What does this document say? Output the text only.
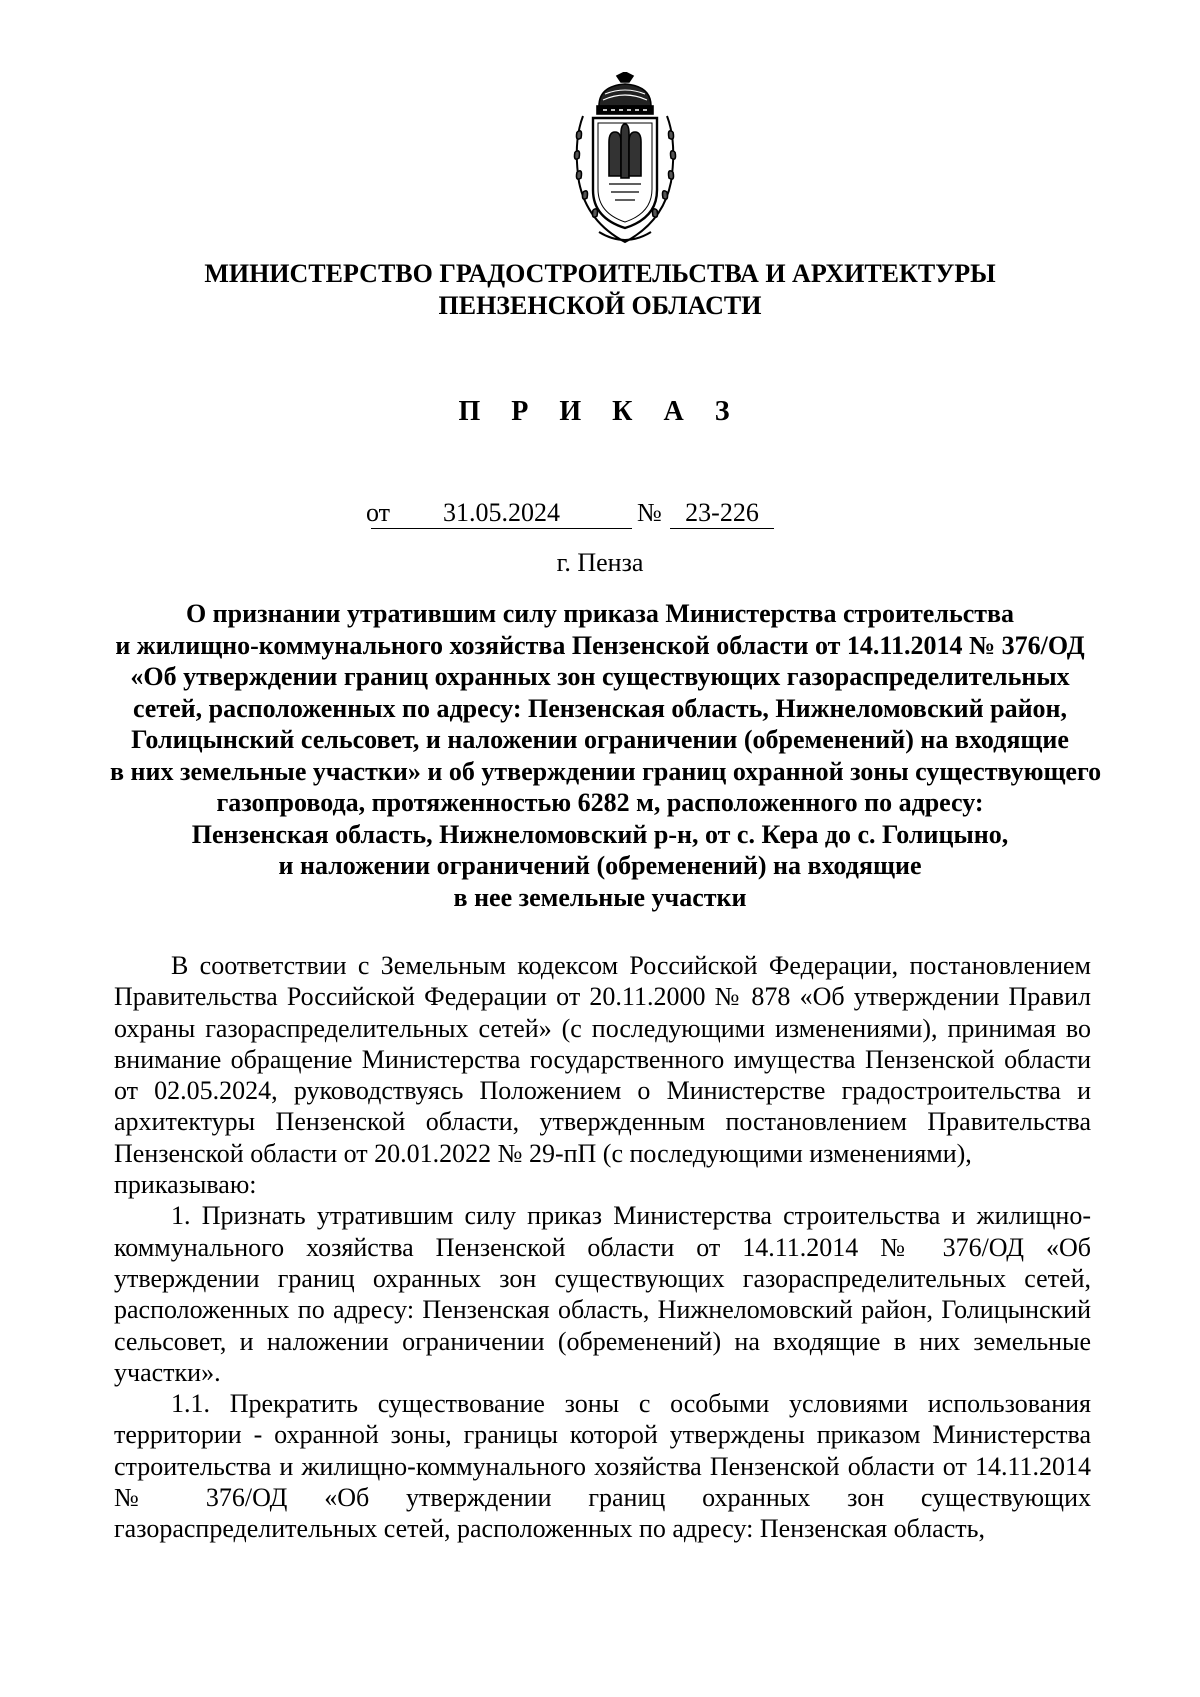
МИНИСТЕРСТВО ГРАДОСТРОИТЕЛЬСТВА И АРХИТЕКТУРЫ
ПЕНЗЕНСКОЙ ОБЛАСТИ
П Р И К А З
от	31.05.2024	№ 23-226
г. Пенза
О признании утратившим силу приказа Министерства строительства
и жилищно-коммунального хозяйства Пензенской области от 14.11.2014 № 376/ОД
«Об утверждении границ охранных зон существующих газораспределительных
сетей, расположенных по адресу: Пензенская область, Нижнеломовский район,
Голицынский сельсовет, и наложении ограничении (обременений) на входящие
в них земельные участки» и об утверждении границ охранной зоны существующего
газопровода, протяженностью 6282 м, расположенного по адресу:
Пензенская область, Нижнеломовский р-н, от с. Кера до с. Голицыно,
и наложении ограничений (обременений) на входящие
в нее земельные участки

В соответствии с Земельным кодексом Российской Федерации, постановлением Правительства Российской Федерации от 20.11.2000 № 878 «Об утверждении Правил охраны газораспределительных сетей» (с последующими изменениями), принимая во внимание обращение Министерства государственного имущества Пензенской области от 02.05.2024, руководствуясь Положением о Министерстве градостроительства и архитектуры Пензенской области, утвержденным постановлением Правительства Пензенской области от 20.01.2022 № 29-пП (с последующими изменениями),

приказываю:

1. Признать утратившим силу приказ Министерства строительства и жилищно-коммунального хозяйства Пензенской области от 14.11.2014 № 376/ОД «Об утверждении границ охранных зон существующих газораспределительных сетей, расположенных по адресу: Пензенская область, Нижнеломовский район, Голицынский сельсовет, и наложении ограничении (обременений) на входящие в них земельные участки».

1.1. Прекратить существование зоны с особыми условиями использования территории - охранной зоны, границы которой утверждены приказом Министерства строительства и жилищно-коммунального хозяйства Пензенской области от 14.11.2014 № 376/ОД «Об утверждении границ охранных зон существующих газораспределительных сетей, расположенных по адресу: Пензенская область,
